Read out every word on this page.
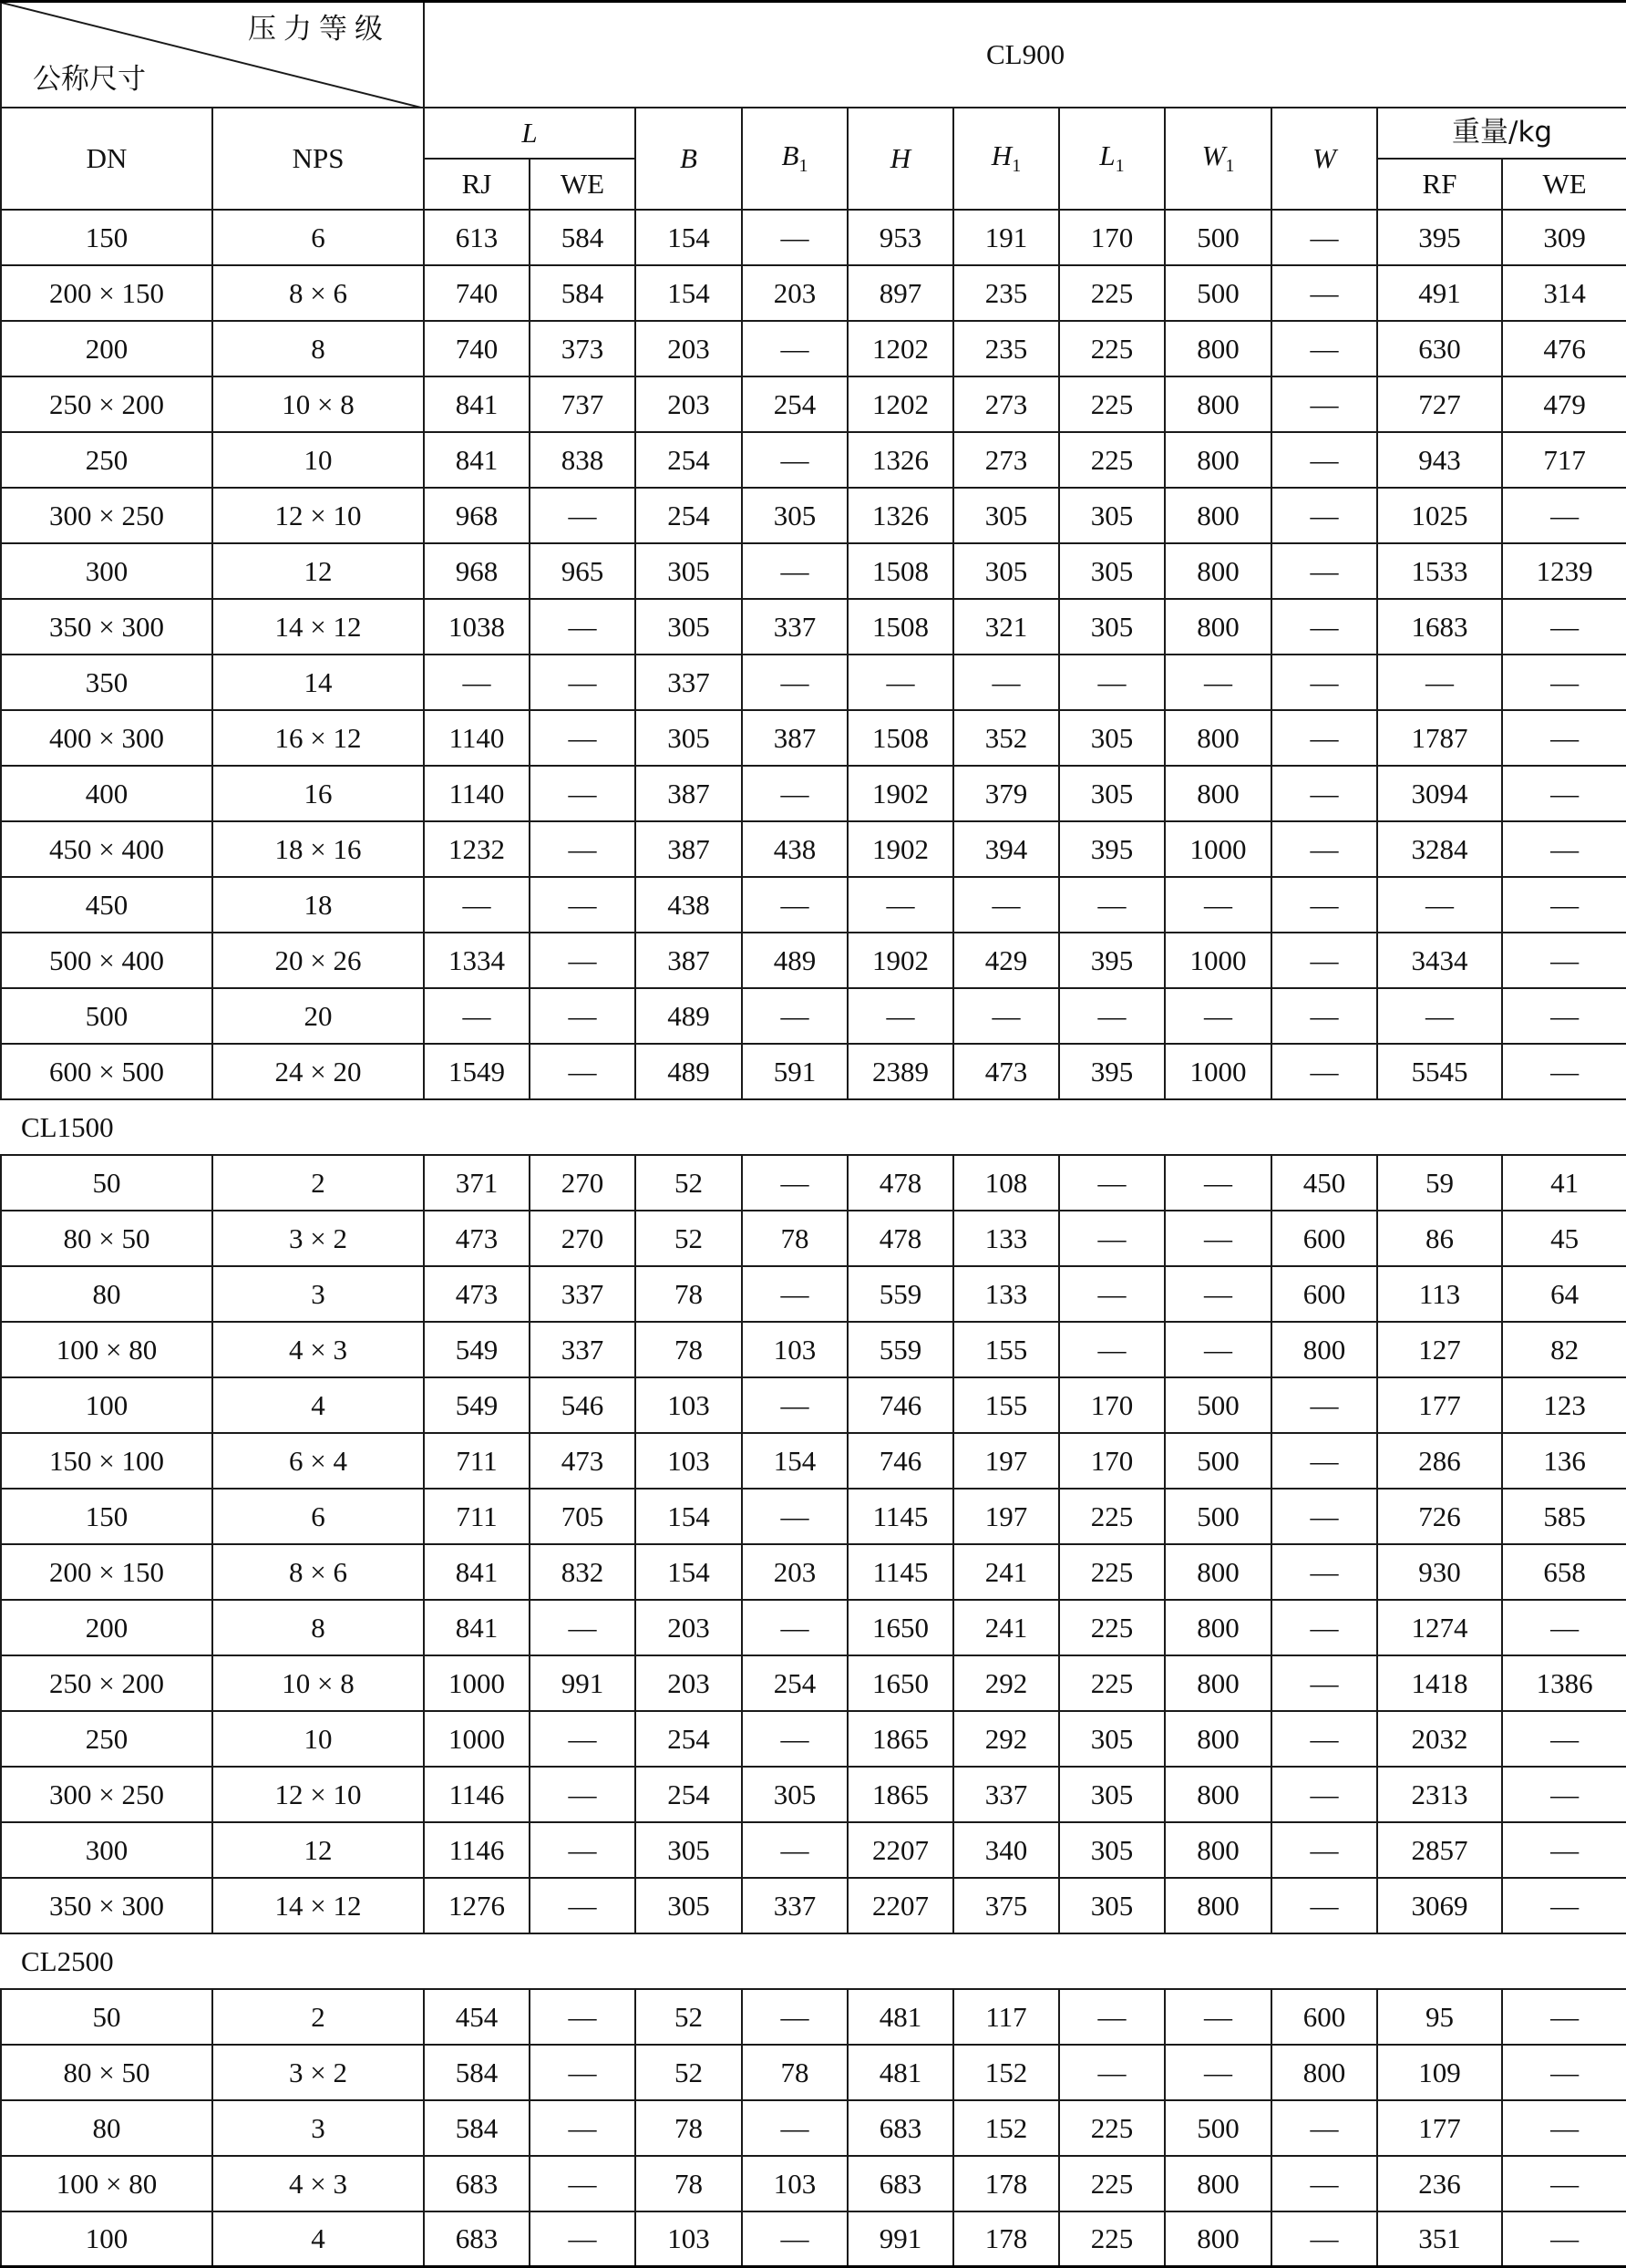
压力等级
公称尺寸		CL900										
DN	NPS	L		B	$B_1$	H	$H_1$	$L_1$	$W_1$	W	重量/kg	
		RJ	WE								RF	WE
150	6	613	584	154	—	953	191	170	500	—	395	309
200 × 150	8 × 6	740	584	154	203	897	235	225	500	—	491	314
200	8	740	373	203	—	1202	235	225	800	—	630	476
250 × 200	10 × 8	841	737	203	254	1202	273	225	800	—	727	479
250	10	841	838	254	—	1326	273	225	800	—	943	717
300 × 250	12 × 10	968	—	254	305	1326	305	305	800	—	1025	—
300	12	968	965	305	—	1508	305	305	800	—	1533	1239
350 × 300	14 × 12	1038	—	305	337	1508	321	305	800	—	1683	—
350	14	—	—	337	—	—	—	—	—	—	—	—
400 × 300	16 × 12	1140	—	305	387	1508	352	305	800	—	1787	—
400	16	1140	—	387	—	1902	379	305	800	—	3094	—
450 × 400	18 × 16	1232	—	387	438	1902	394	395	1000	—	3284	—
450	18	—	—	438	—	—	—	—	—	—	—	—
500 × 400	20 × 26	1334	—	387	489	1902	429	395	1000	—	3434	—
500	20	—	—	489	—	—	—	—	—	—	—	—
600 × 500	24 × 20	1549	—	489	591	2389	473	395	1000	—	5545	—
CL1500												
50	2	371	270	52	—	478	108	—	—	450	59	41
80 × 50	3 × 2	473	270	52	78	478	133	—	—	600	86	45
80	3	473	337	78	—	559	133	—	—	600	113	64
100 × 80	4 × 3	549	337	78	103	559	155	—	—	800	127	82
100	4	549	546	103	—	746	155	170	500	—	177	123
150 × 100	6 × 4	711	473	103	154	746	197	170	500	—	286	136
150	6	711	705	154	—	1145	197	225	500	—	726	585
200 × 150	8 × 6	841	832	154	203	1145	241	225	800	—	930	658
200	8	841	—	203	—	1650	241	225	800	—	1274	—
250 × 200	10 × 8	1000	991	203	254	1650	292	225	800	—	1418	1386
250	10	1000	—	254	—	1865	292	305	800	—	2032	—
300 × 250	12 × 10	1146	—	254	305	1865	337	305	800	—	2313	—
300	12	1146	—	305	—	2207	340	305	800	—	2857	—
350 × 300	14 × 12	1276	—	305	337	2207	375	305	800	—	3069	—
CL2500												
50	2	454	—	52	—	481	117	—	—	600	95	—
80 × 50	3 × 2	584	—	52	78	481	152	—	—	800	109	—
80	3	584	—	78	—	683	152	225	500	—	177	—
100 × 80	4 × 3	683	—	78	103	683	178	225	800	—	236	—
100	4	683	—	103	—	991	178	225	800	—	351	—
